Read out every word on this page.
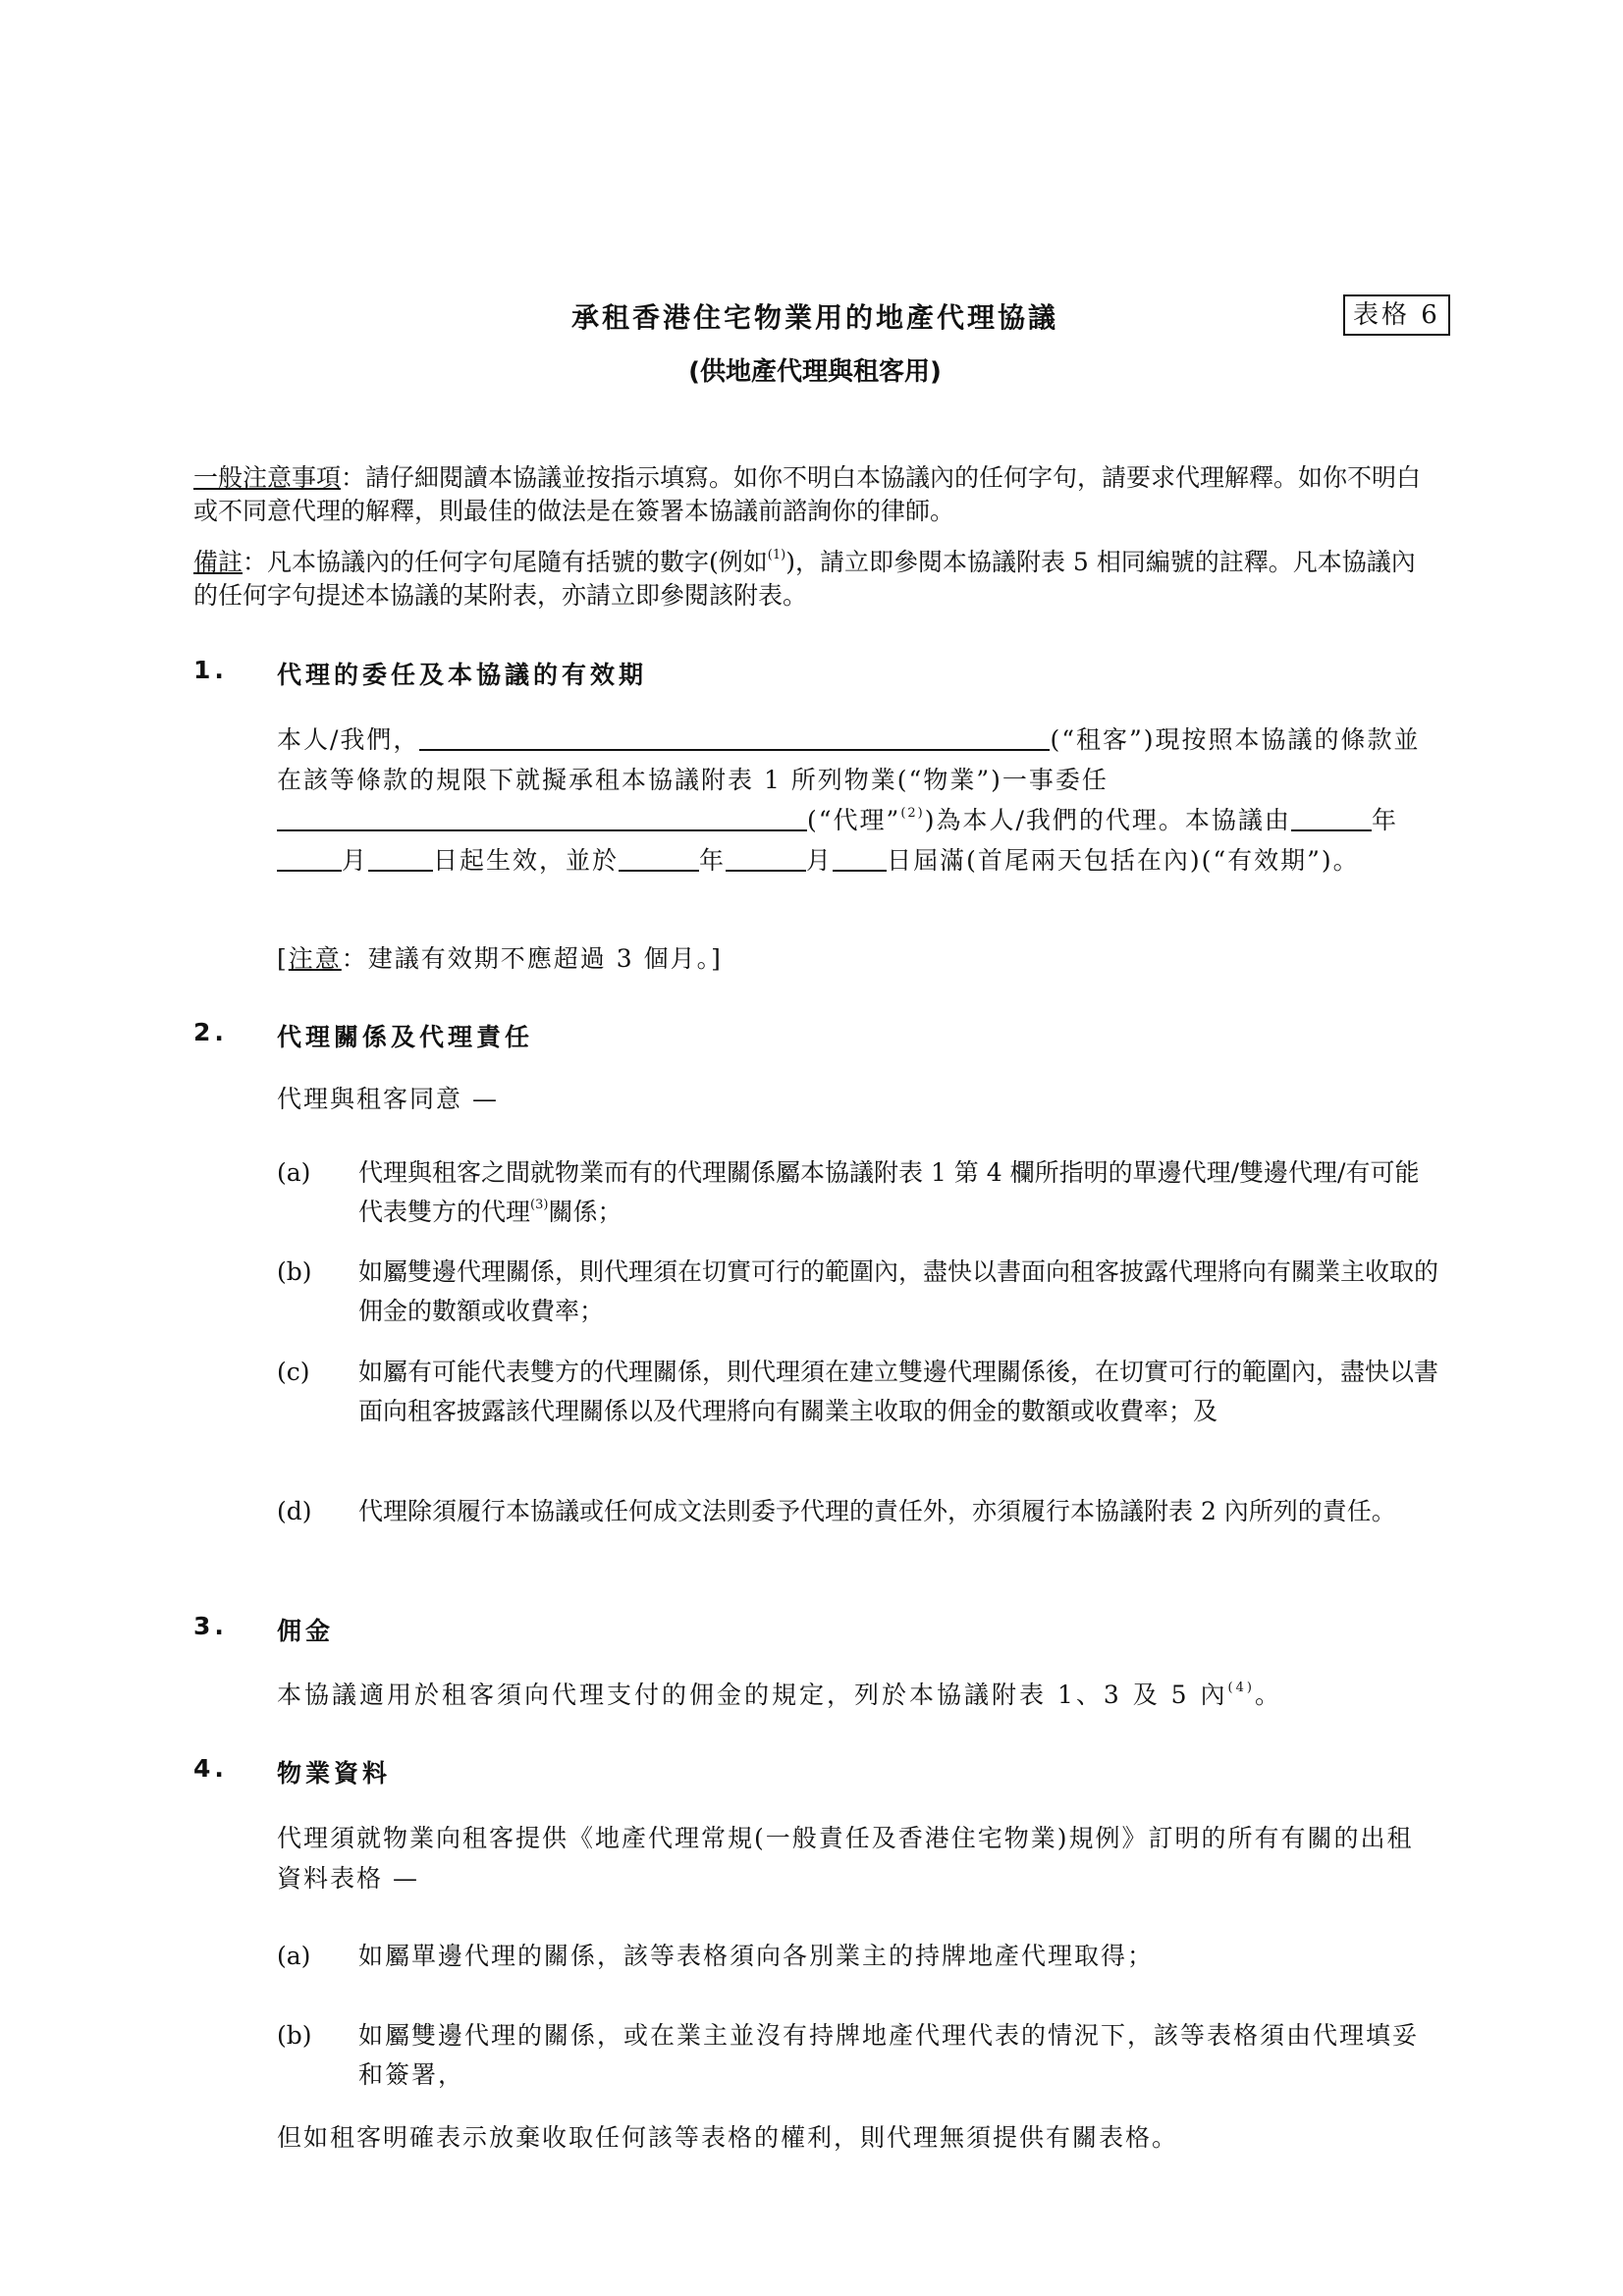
承租香港住宅物業用的地產代理協議	表格 6
(供地產代理與租客用)

一般注意事項：請仔細閱讀本協議並按指示填寫。如你不明白本協議內的任何字句，請要求代理解釋。如你不明白或不同意代理的解釋，則最佳的做法是在簽署本協議前諮詢你的律師。

備註：凡本協議內的任何字句尾隨有括號的數字(例如$^{(1)}$)，請立即參閱本協議附表 5 相同編號的註釋。凡本協議內的任何字句提述本協議的某附表，亦請立即參閱該附表。

1. 代理的委任及本協議的有效期

本人/我們，	(“租客”)現按照本協議的條款並在該等條款的規限下就擬承租本協議附表 1 所列物業(“物業”)一事委任(“代理”$^{(2)}$)為本人/我們的代理。本協議由	年月	日起生效，並於	年	月 日屆滿(首尾兩天包括在內)(“有效期”)。

[注意：建議有效期不應超過 3 個月。]

2. 代理關係及代理責任

代理與租客同意 —

(a) 代理與租客之間就物業而有的代理關係屬本協議附表 1 第 4 欄所指明的單邊代理/雙邊代理/有可能代表雙方的代理$^{(3)}$關係；

(b) 如屬雙邊代理關係，則代理須在切實可行的範圍內，盡快以書面向租客披露代理將向有關業主收取的佣金的數額或收費率；

(c) 如屬有可能代表雙方的代理關係，則代理須在建立雙邊代理關係後，在切實可行的範圍內，盡快以書面向租客披露該代理關係以及代理將向有關業主收取的佣金的數額或收費率；及

(d) 代理除須履行本協議或任何成文法則委予代理的責任外，亦須履行本協議附表 2 內所列的責任。

3. 佣金

本協議適用於租客須向代理支付的佣金的規定，列於本協議附表 1、3 及 5 內$^{(4)}$。

4. 物業資料

代理須就物業向租客提供《地產代理常規(一般責任及香港住宅物業)規例》訂明的所有有關的出租資料表格 —

(a) 如屬單邊代理的關係，該等表格須向各別業主的持牌地產代理取得；

(b) 如屬雙邊代理的關係，或在業主並沒有持牌地產代理代表的情況下，該等表格須由代理填妥和簽署，

但如租客明確表示放棄收取任何該等表格的權利，則代理無須提供有關表格。
